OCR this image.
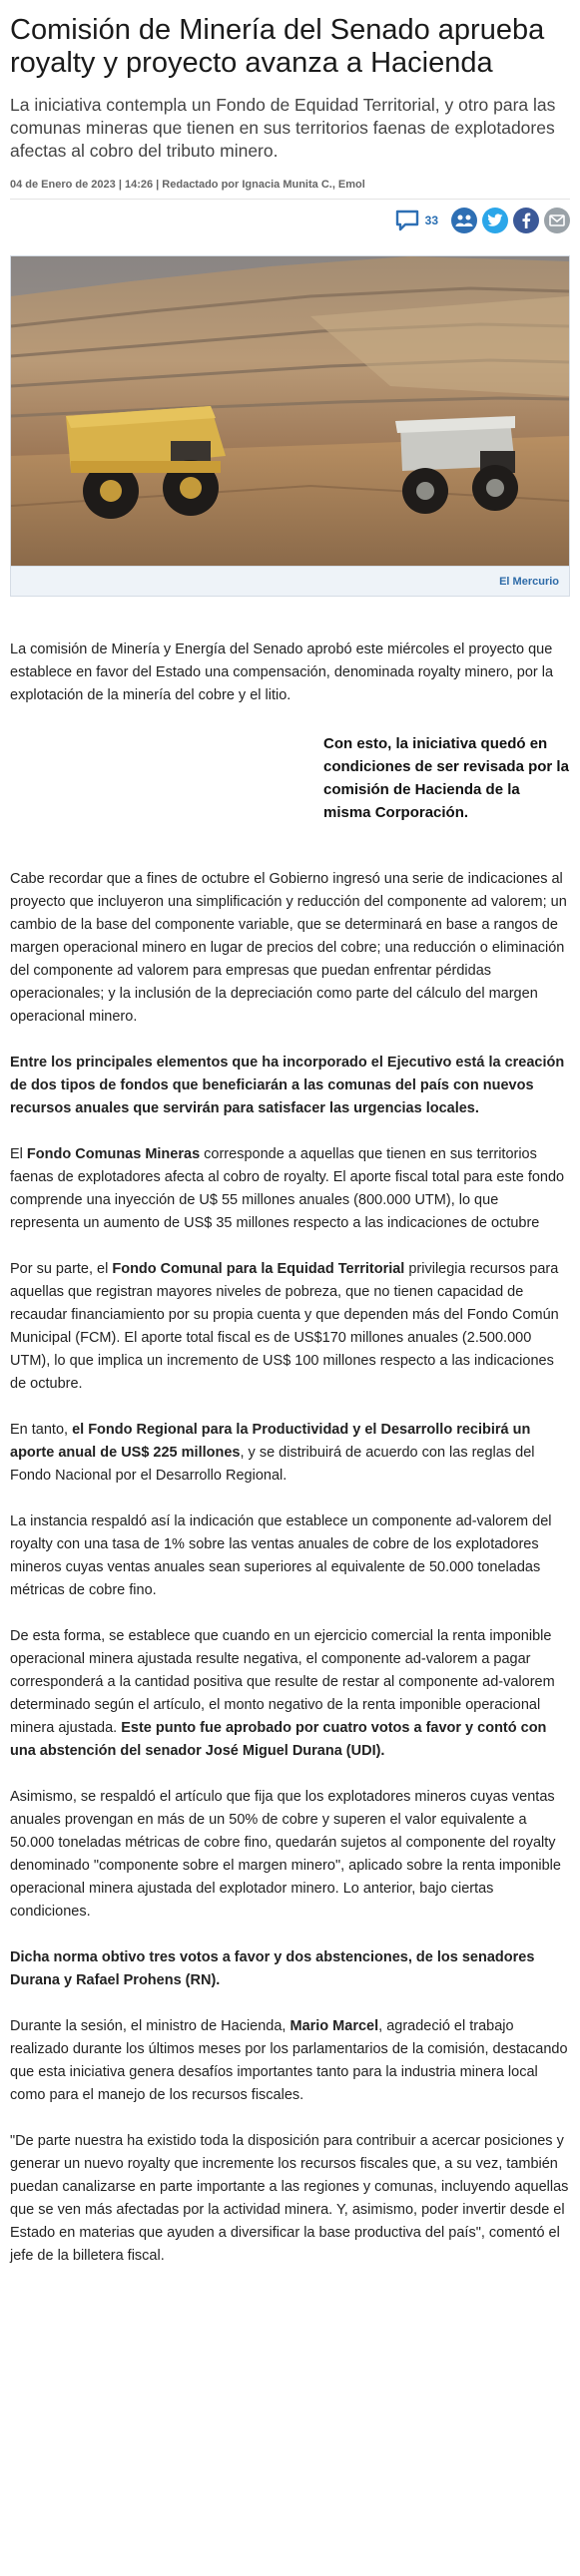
Comisión de Minería del Senado aprueba royalty y proyecto avanza a Hacienda

La iniciativa contempla un Fondo de Equidad Territorial, y otro para las comunas mineras que tienen en sus territorios faenas de explotadores afectas al cobro del tributo minero.

04 de Enero de 2023 | 14:26 | Redactado por Ignacia Munita C., Emol
33
El Mercurio

La comisión de Minería y Energía del Senado aprobó este miércoles el proyecto que establece en favor del Estado una compensación, denominada royalty minero, por la explotación de la minería del cobre y el litio.

Con esto, la iniciativa quedó en condiciones de ser revisada por la comisión de Hacienda de la misma Corporación.

Cabe recordar que a fines de octubre el Gobierno ingresó una serie de indicaciones al proyecto que incluyeron una simplificación y reducción del componente ad valorem; un cambio de la base del componente variable, que se determinará en base a rangos de margen operacional minero en lugar de precios del cobre; una reducción o eliminación del componente ad valorem para empresas que puedan enfrentar pérdidas operacionales; y la inclusión de la depreciación como parte del cálculo del margen operacional minero.

Entre los principales elementos que ha incorporado el Ejecutivo está la creación de dos tipos de fondos que beneficiarán a las comunas del país con nuevos recursos anuales que servirán para satisfacer las urgencias locales.

El Fondo Comunas Mineras corresponde a aquellas que tienen en sus territorios faenas de explotadores afecta al cobro de royalty. El aporte fiscal total para este fondo comprende una inyección de U$ 55 millones anuales (800.000 UTM), lo que representa un aumento de US$ 35 millones respecto a las indicaciones de octubre

Por su parte, el Fondo Comunal para la Equidad Territorial privilegia recursos para aquellas que registran mayores niveles de pobreza, que no tienen capacidad de recaudar financiamiento por su propia cuenta y que dependen más del Fondo Común Municipal (FCM). El aporte total fiscal es de US$170 millones anuales (2.500.000 UTM), lo que implica un incremento de US$ 100 millones respecto a las indicaciones de octubre.

En tanto, el Fondo Regional para la Productividad y el Desarrollo recibirá un aporte anual de US$ 225 millones, y se distribuirá de acuerdo con las reglas del Fondo Nacional por el Desarrollo Regional.

La instancia respaldó así la indicación que establece un componente ad-valorem del royalty con una tasa de 1% sobre las ventas anuales de cobre de los explotadores mineros cuyas ventas anuales sean superiores al equivalente de 50.000 toneladas métricas de cobre fino.

De esta forma, se establece que cuando en un ejercicio comercial la renta imponible operacional minera ajustada resulte negativa, el componente ad-valorem a pagar corresponderá a la cantidad positiva que resulte de restar al componente ad-valorem determinado según el artículo, el monto negativo de la renta imponible operacional minera ajustada. Este punto fue aprobado por cuatro votos a favor y contó con una abstención del senador José Miguel Durana (UDI).

Asimismo, se respaldó el artículo que fija que los explotadores mineros cuyas ventas anuales provengan en más de un 50% de cobre y superen el valor equivalente a 50.000 toneladas métricas de cobre fino, quedarán sujetos al componente del royalty denominado "componente sobre el margen minero", aplicado sobre la renta imponible operacional minera ajustada del explotador minero. Lo anterior, bajo ciertas condiciones.

Dicha norma obtivo tres votos a favor y dos abstenciones, de los senadores Durana y Rafael Prohens (RN).

Durante la sesión, el ministro de Hacienda, Mario Marcel, agradeció el trabajo realizado durante los últimos meses por los parlamentarios de la comisión, destacando que esta iniciativa genera desafíos importantes tanto para la industria minera local como para el manejo de los recursos fiscales.

"De parte nuestra ha existido toda la disposición para contribuir a acercar posiciones y generar un nuevo royalty que incremente los recursos fiscales que, a su vez, también puedan canalizarse en parte importante a las regiones y comunas, incluyendo aquellas que se ven más afectadas por la actividad minera. Y, asimismo, poder invertir desde el Estado en materias que ayuden a diversificar la base productiva del país", comentó el jefe de la billetera fiscal.
